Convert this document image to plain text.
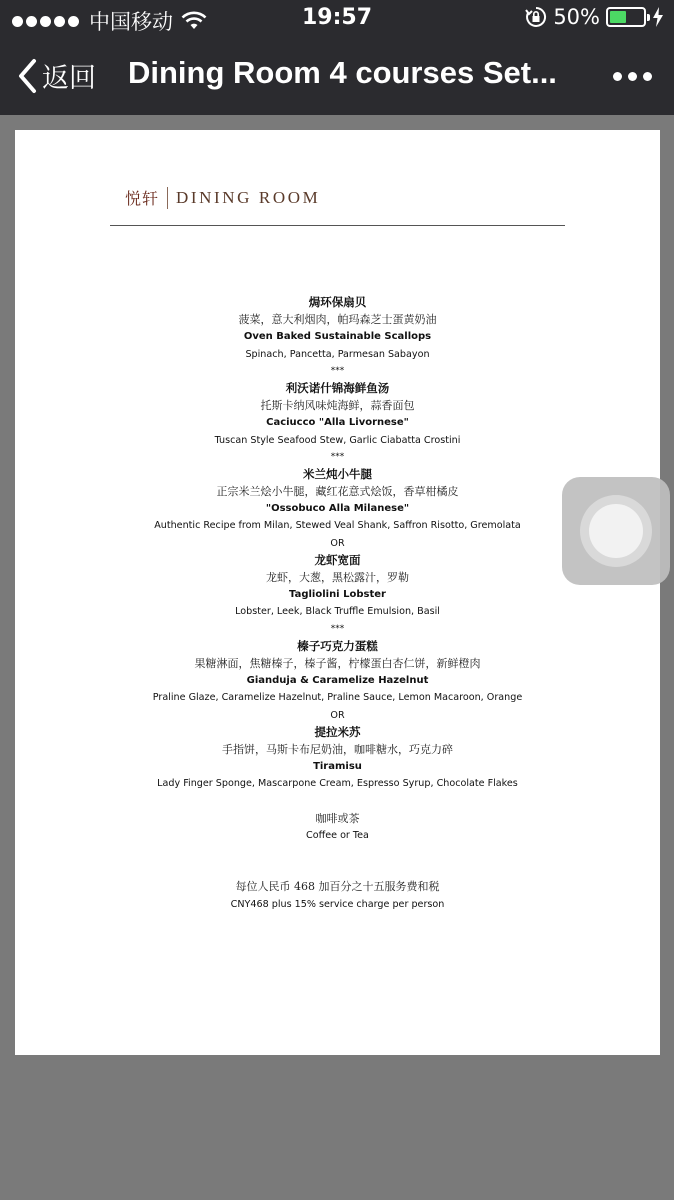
中国移动	19:57	50%
返回 Dining Room 4 courses Set...
悦轩 DINING ROOM
焗环保扇贝
菠菜，意大利烟肉，帕玛森芝士蛋黄奶油
Oven Baked Sustainable Scallops
Spinach, Pancetta, Parmesan Sabayon
***
利沃诺什锦海鲜鱼汤
托斯卡纳风味炖海鲜，蒜香面包
Caciucco "Alla Livornese"
Tuscan Style Seafood Stew, Garlic Ciabatta Crostini
***
米兰炖小牛腿
正宗米兰烩小牛腿，藏红花意式烩饭，香草柑橘皮
"Ossobuco Alla Milanese"
Authentic Recipe from Milan, Stewed Veal Shank, Saffron Risotto, Gremolata
OR
龙虾宽面
龙虾，大葱，黑松露汁，罗勒
Tagliolini Lobster
Lobster, Leek, Black Truffle Emulsion, Basil
***
榛子巧克力蛋糕
果糖淋面，焦糖榛子，榛子酱，柠檬蛋白杏仁饼，新鲜橙肉
Gianduja & Caramelize Hazelnut
Praline Glaze, Caramelize Hazelnut, Praline Sauce, Lemon Macaroon, Orange
OR
提拉米苏
手指饼，马斯卡布尼奶油，咖啡糖水，巧克力碎
Tiramisu
Lady Finger Sponge, Mascarpone Cream, Espresso Syrup, Chocolate Flakes
咖啡或茶
Coffee or Tea
每位人民币 468 加百分之十五服务费和税
CNY468 plus 15% service charge per person
